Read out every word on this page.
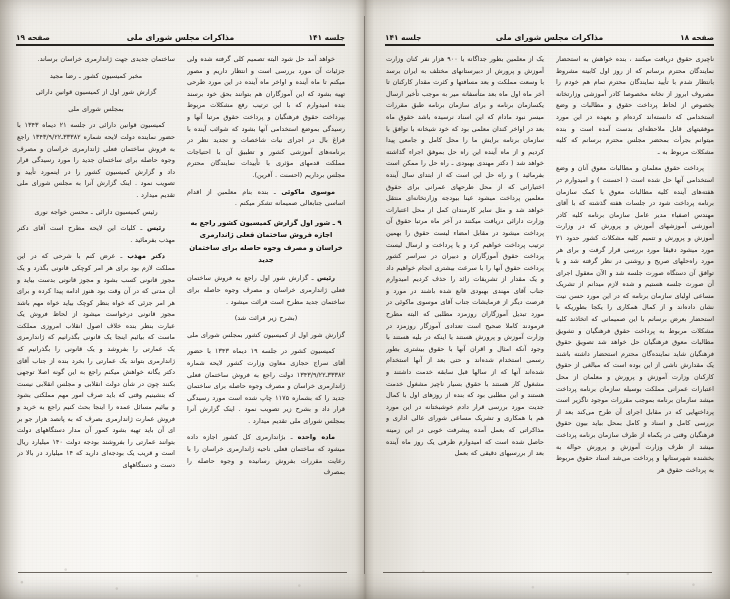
جلسه ۱۴۱
مذاکرات مجلس شورای ملی
صفحه ۱۹

خواهد آمد حل شود البته تصمیم کلی گرفته شده ولی جزئیات آن مورد بررسی است و انتظار داریم و مصور میکنم تا ماه آینده و اواخر ماه آینده در این مورد طرحی تهیه بشود که این آموزگاران هم بتوانند بحق خود برسند بنده امیدوارم که با این ترتیب رفع مشکلات مربوط بپرداخت حقوق فرهنگیان و پرداخت حقوق مرتبا آنها و رسیدگی بموضع استخدامی آنها بشود که شوائب آینده با فراغ بال در اجرای نیات شاخصات و تجدید نظر در برنامه‌های آموزشی کشور و تطبیق آن با احتیاجات مملکت قدمهای مؤثری با تأییدات نمایندگان محترم مجلس برداریم (احسنت . آفرین).

موسوی ماکوئی ـ بنده بنام معلمین از اقدام اساسی جنابعالی صمیمانه تشکر میکنم .

۹ ـ شور اول گزارش کمیسیون کشور راجع به اجازه فروش ساختمان فعلی ژاندارمری خراسان و مصرف وجوه حاصله برای ساختمان جدید

رئیس ـ گزارش شور اول راجع به فروش ساختمان فعلی ژاندارمری خراسان و مصرف وجوه حاصله برای ساختمان جدید مطرح است قرائت میشود .

(بشرح زیر قرائت شد)

گزارش شور اول از کمیسیون کشور بمجلس شورای ملی

کمیسیون کشور در جلسه ۱۹ دیماه ۱۳۴۳ با حضور آقای سراج حجازی معاون وزارت کشور لایحه شماره ۳۳۳۸۲ـ۱۳۴۳/۹/۲۲ دولت راجع به فروش ساختمان فعلی ژاندارمری خراسان و مصرف وجوه حاصله برای ساختمان جدید را که بشماره ۱۱۷۵ چاپ شده است مورد رسیدگی قرار داد و بشرح زیر تصویب نمود . اینک گزارش آنرا بمجلس شورای ملی تقدیم میدارد .

ماده واحده ـ بژاندارمری کل کشور اجازه داده میشود که ساختمان فعلی ناحیه ژاندارمری خراسان را با رعایت مقررات بفروش رسانیده و وجوه حاصله را بمصرف

ساختمان جدیدی جهت ژاندارمری خراسان برساند.

مخبر کمیسیون کشور ـ رضا مجید

گزارش شور اول از کمیسیون قوانین دارائی

بمجلس شورای ملی

کمیسیون قوانین دارائی در جلسه ۲۱ دیماه ۱۳۴۳ با حضور نماینده دولت لایحه شماره ۳۳۳۸۲ـ۱۳۴۳/۹/۲۲ راجع به فروش ساختمان فعلی ژاندارمری خراسان و مصرف وجوه حاصله برای ساختمان جدید را مورد رسیدگی قرار داد و گزارش کمیسیون کشور را در اینمورد تأیید و تصویب نمود . اینک گزارش آنرا به مجلس شورای ملی تقدیم میدارد .

رئیس کمیسیون دارائی ـ محسن خواجه نوری

رئیس ـ کلیات این لایحه مطرح است آقای دکتر مهذب بفرمائید .

دکتر مهذب ـ عرض کنم با شرحی که در این مملکت لازم بود برای هر امر کوچکی قانونی بگذرد و یک مجوز قانونی کسب بشود و مجوز قانونی بدست بیاید و آن مدتی که در آن وقت بود هنوز ادامه پیدا کرده و برای هر امر جزئی که خواه بنظر کوچک بیاید خواه مهم باشد مجوز قانونی درخواست میشود از لحاظ فروش یک عبارت بنظر بنده خلاف اصول انقلاب امروزی مملکت ماست که بیائیم اینجا یک قانونی بگذرانیم که ژاندارمری یک عمارتی را بفروشد و یک قانونی را بگذرانیم که ژاندارمری بتواند یک عمارتی را بخرد بنده از جناب آقای دکتر یگانه خواهش میکنم راجع به این گونه اصلا توجهی بکنند چون در شأن دولت انقلابی و مجلس انقلابی نیست که بنشینیم وقتی که باید صرف امور مهم مملکتی بشود و بیائیم مسائل عمده را اینجا بحث کنیم راجع به خرید و فروش عمارت ژاندارمری بصرف که به پانصد هزار جو بر ای آن باید تهیه بشود کمور آن مدار دستگاههای دولت بتوانند عمارتی را بفروشند بودجه دولت ۱۴۰ میلیارد ریال است و قریب یک بودجه‌ای دارید که ۱۴ میلیارد در بالا در دست و دستگاههای

صفحه ۱۸
مذاکرات مجلس شورای ملی
جلسه ۱۴۱

ناچیزی حقوق دریافت میکنند ، بنده خواهش به استحضار نمایندگان محترم برسانم که از روز اول کابینه مشروط بانتظار شدم با تأیید نمایندگان محترم تمام هم خودم را مصروف ابروز از نخانه مخصوصا کادر آموزشی وزارتخانه بخصوص از لحاظ پرداخت حقوق و مطالبات و وضع استخدامی که دانسته‌اند کرده‌ام و بعهده در این مورد موفقیتهای قابل ملاحظه‌ای بدست آمده است و بنده میتوانم بجرأت بمحضر مجلس محترم برسانم که کلیه مشکلات مربوط به ـ

پرداخت حقوق معلمان و مطالبات معوق آنان و وضع استخدامی آنها حل شده است ( احسنت ) و امیدوارم در هفته‌های آینده کلیه مطالبات معوق با کمک سازمان برنامه پرداخت شود در جلسات هفته گذشته که با آقای مهندس اصفیاء مدیر عامل سازمان برنامه کلیه کادر آموزشی آموزشهای آموزش و پرورش که در وزارت آموزش و پرورش و تتمیم کلیه مشکلات کشور حدود ۲۱ مورد میشود دقیقا مورد بررسی قرار گرفت و برای هر مورد راه‌حلهای صریح و روشنی در نظر گرفته شد و با توافق آن دستگاه صورت جلسه شد و الآن معقول اجرای آن صورت جلسه هستیم و شده لازم میدانم از تشریک مساعی اولیای سازمان برنامه که در این مورد حسن نیت نشان داده‌اند و از کمال همکاری را یکجا بطوریکه با استحضار بعرض برسانم با این صمیمانی که اتخاذند کلیه مشکلات مربوط به پرداخت حقوق فرهنگیان و تشویق مطالبات معوق فرهنگیان حل خواهد شد تصویق حقوق فرهنگیان شاید نماینده‌گان محترم استحضار داشته باشند یک مقدارش ناشی از این بوده است که مبالغی از حقوق کارکنان وزارت آموزش و پرورش و معلمان از محل اعتبارات عمرانی مملکت بوسیله سازمان برنامه پرداخت میشد سازمان برنامه بموجب مقررات موجود ناگزیر است پرداختهایی که در مقابل اجرای آن طرح می‌کند بعد از بررسی کامل و اسناد و کامل بمحل بیاید بیون حقوق فرهنگیان وقتی در یکماه از طرف سازمان برنامه پرداخت میشد از طرف وزارت آموزش و پرورش حواله به بخشنده شهرستانها و پرداخت می‌شد اسناد حقوق مربوط به پرداخت حقوق هر

یک از معلمین بطور جداگانه با ۹۰۰ هزار نفر کنان وزارت آموزش و پرورش از دبیرستانهای مختلف به ایران برسد با وسعت مملکت و بعد مسافتها و کثرت مقدار کارکنان تا آخر ماه اول ماه بعد متأسفانه میر به موجب تأخیر ارسال یکسازمان برنامه و برای سازمان برنامه طبق مقررات میسر نبود مادام که این اسناد نرسیده باشد حقوق ماه بعد در اواخر کندان معلمی بود که خود شیخانه با توافق با سازمان برنامه برایش ما را محل کامل و جامعی پیدا کردیم و از ماه آینده این راه حل بموفق اجراء گذاشته خواهد شد ( دکتر مهندی بهبودی ـ راه حل را ممکن است بفرمائید ) و راه حل این است که از ابتدای سال آینده اختیاراتی که از محل طرحهای عمرانی برای حقوق معلمین پرداخت میشود عینا بیودجه وزارتخانه‌ای منتقل خواهد شد و مثل سایر کارمندان کمل از محل اعتبارات وزارت دارائی دریافت میکنند در آخر ماه مرتبا حقوق آن پرداخت میشود در مقابل امضاء لیست حقوق را بهمین ترتیب پرداخت خواهیم کرد و یا پرداخت و ارسال لیست پرداخت حقوق آموزگاران و دبیران در سراسر کشور پرداخت حقوق آنها را با سرعت بیشتری انجام خواهیم داد و یک مقدار از تشریفات زائد را حذف کردیم امیدوارم جناب آقای مهندی بهبودی قانع شده باشند در مورد و فرصت دیگر از فرمایشات جناب آقای موسوی ماکوئی در مورد تبدیل آموزگاران روزمزد مطلبی که البته مطرح فرمودند کاملا صحیح است تعدادی آموزگار روزمزد در وزارت آموزش و پرورش هستند یا اینکه در بلیه هستند با وجود آنکه امثال و اقران آنها با حقوق بیشتری بطور رسمی استخدام شده‌اند و حتی بعد از آنها استخدام شده‌اند آنها که از سالها قبل سابقه خدمت داشتند و مشغول کار هستند با حقوق بسیار ناچیز مشغول خدمت هستند و این مطلبی بود که بنده از روزهای اول با کمال جدیت مورد بررسی قرار دادم خوشبختانه در این مورد هم با همکاری و تشریک مساعی شورای عالی اداری و مذاکراتی که بعمل آمده پیشرفت خوبی در این زمینه حاصل شده است که امیدوارم ظرفی یک روز ماه آینده بعد از بررسیهای دقیقی که بعمل
